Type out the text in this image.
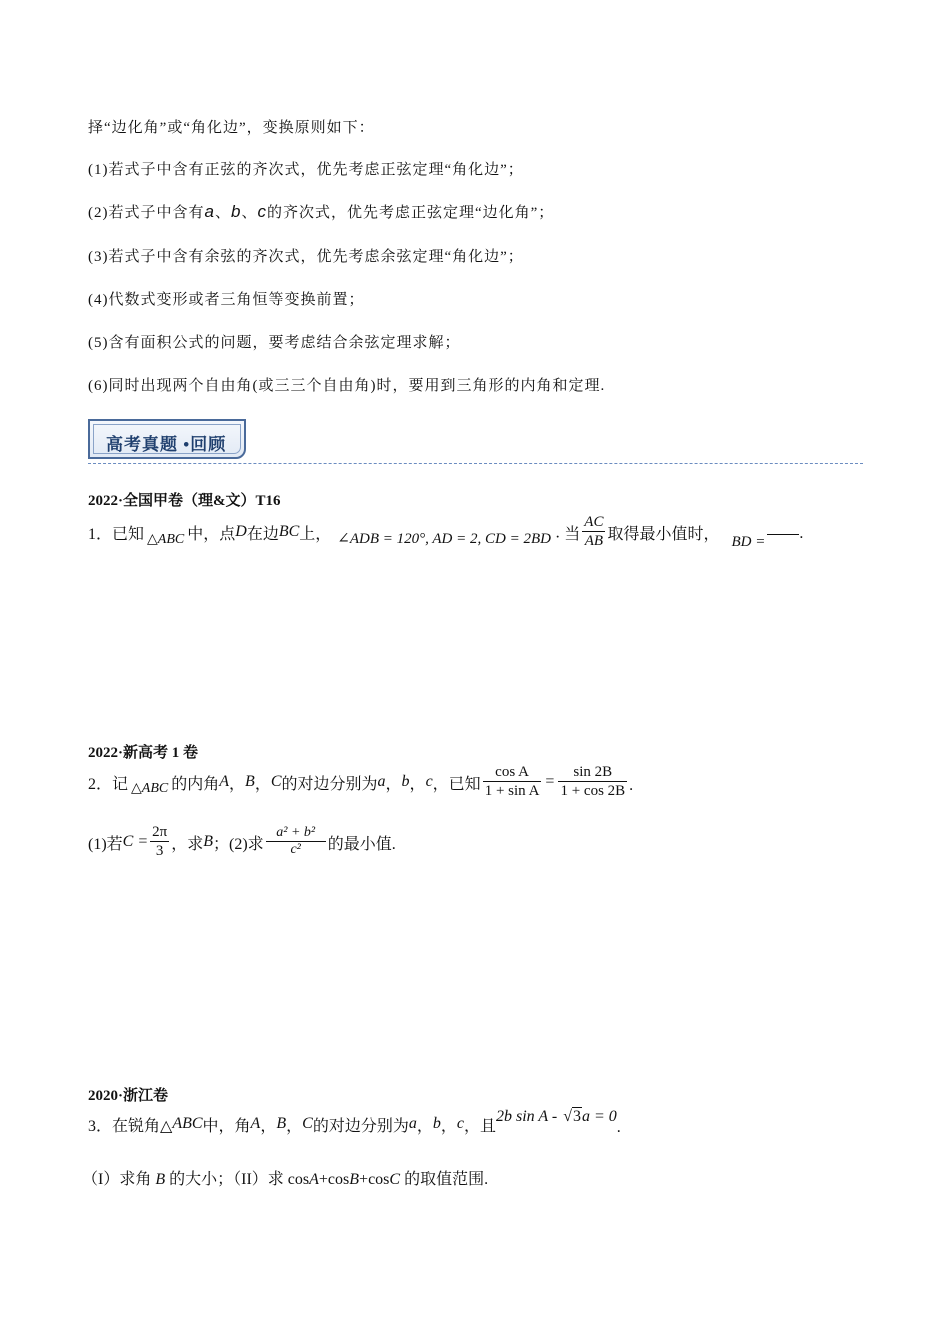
择“边化角”或“角化边”，变换原则如下：
(1)若式子中含有正弦的齐次式，优先考虑正弦定理“角化边”；
(2)若式子中含有a、b、c的齐次式，优先考虑正弦定理“边化角”；
(3)若式子中含有余弦的齐次式，优先考虑余弦定理“角化边”；
(4)代数式变形或者三角恒等变换前置；
(5)含有面积公式的问题，要考虑结合余弦定理求解；
(6)同时出现两个自由角(或三三个自由角)时，要用到三角形的内角和定理.
高考真题 •回顾
2022·全国甲卷（理&文）T16
1．已知 △ABC 中，点 D 在边 BC 上， ∠ADB = 120°, AD = 2, CD = 2BD · 当 $\frac{AC}{AB}$ 取得最小值时， BD = .
2022·新高考 1 卷
2．记 △ABC 的内角 A ， B ， C 的对边分别为 a ， b ， c ，已知 $\frac{\text{cos A}}{\text{1 + sin A}} = \frac{\sin 2B}{1 + \cos 2B}$ .
(1)若 $C = \frac{2\pi}{3}$ ，求 B ；(2)求 $\frac{\text{a² + b²}}{\text{c²}}$ 的最小值.
2020·浙江卷
3．在锐角△ ABC 中，角 A ， B ， C 的对边分别为 a ， b ， c ，且
2b sin A - √3a = 0
.
（I）求角 B 的大小；（II）求 cosA+cosB+cosC 的取值范围.
